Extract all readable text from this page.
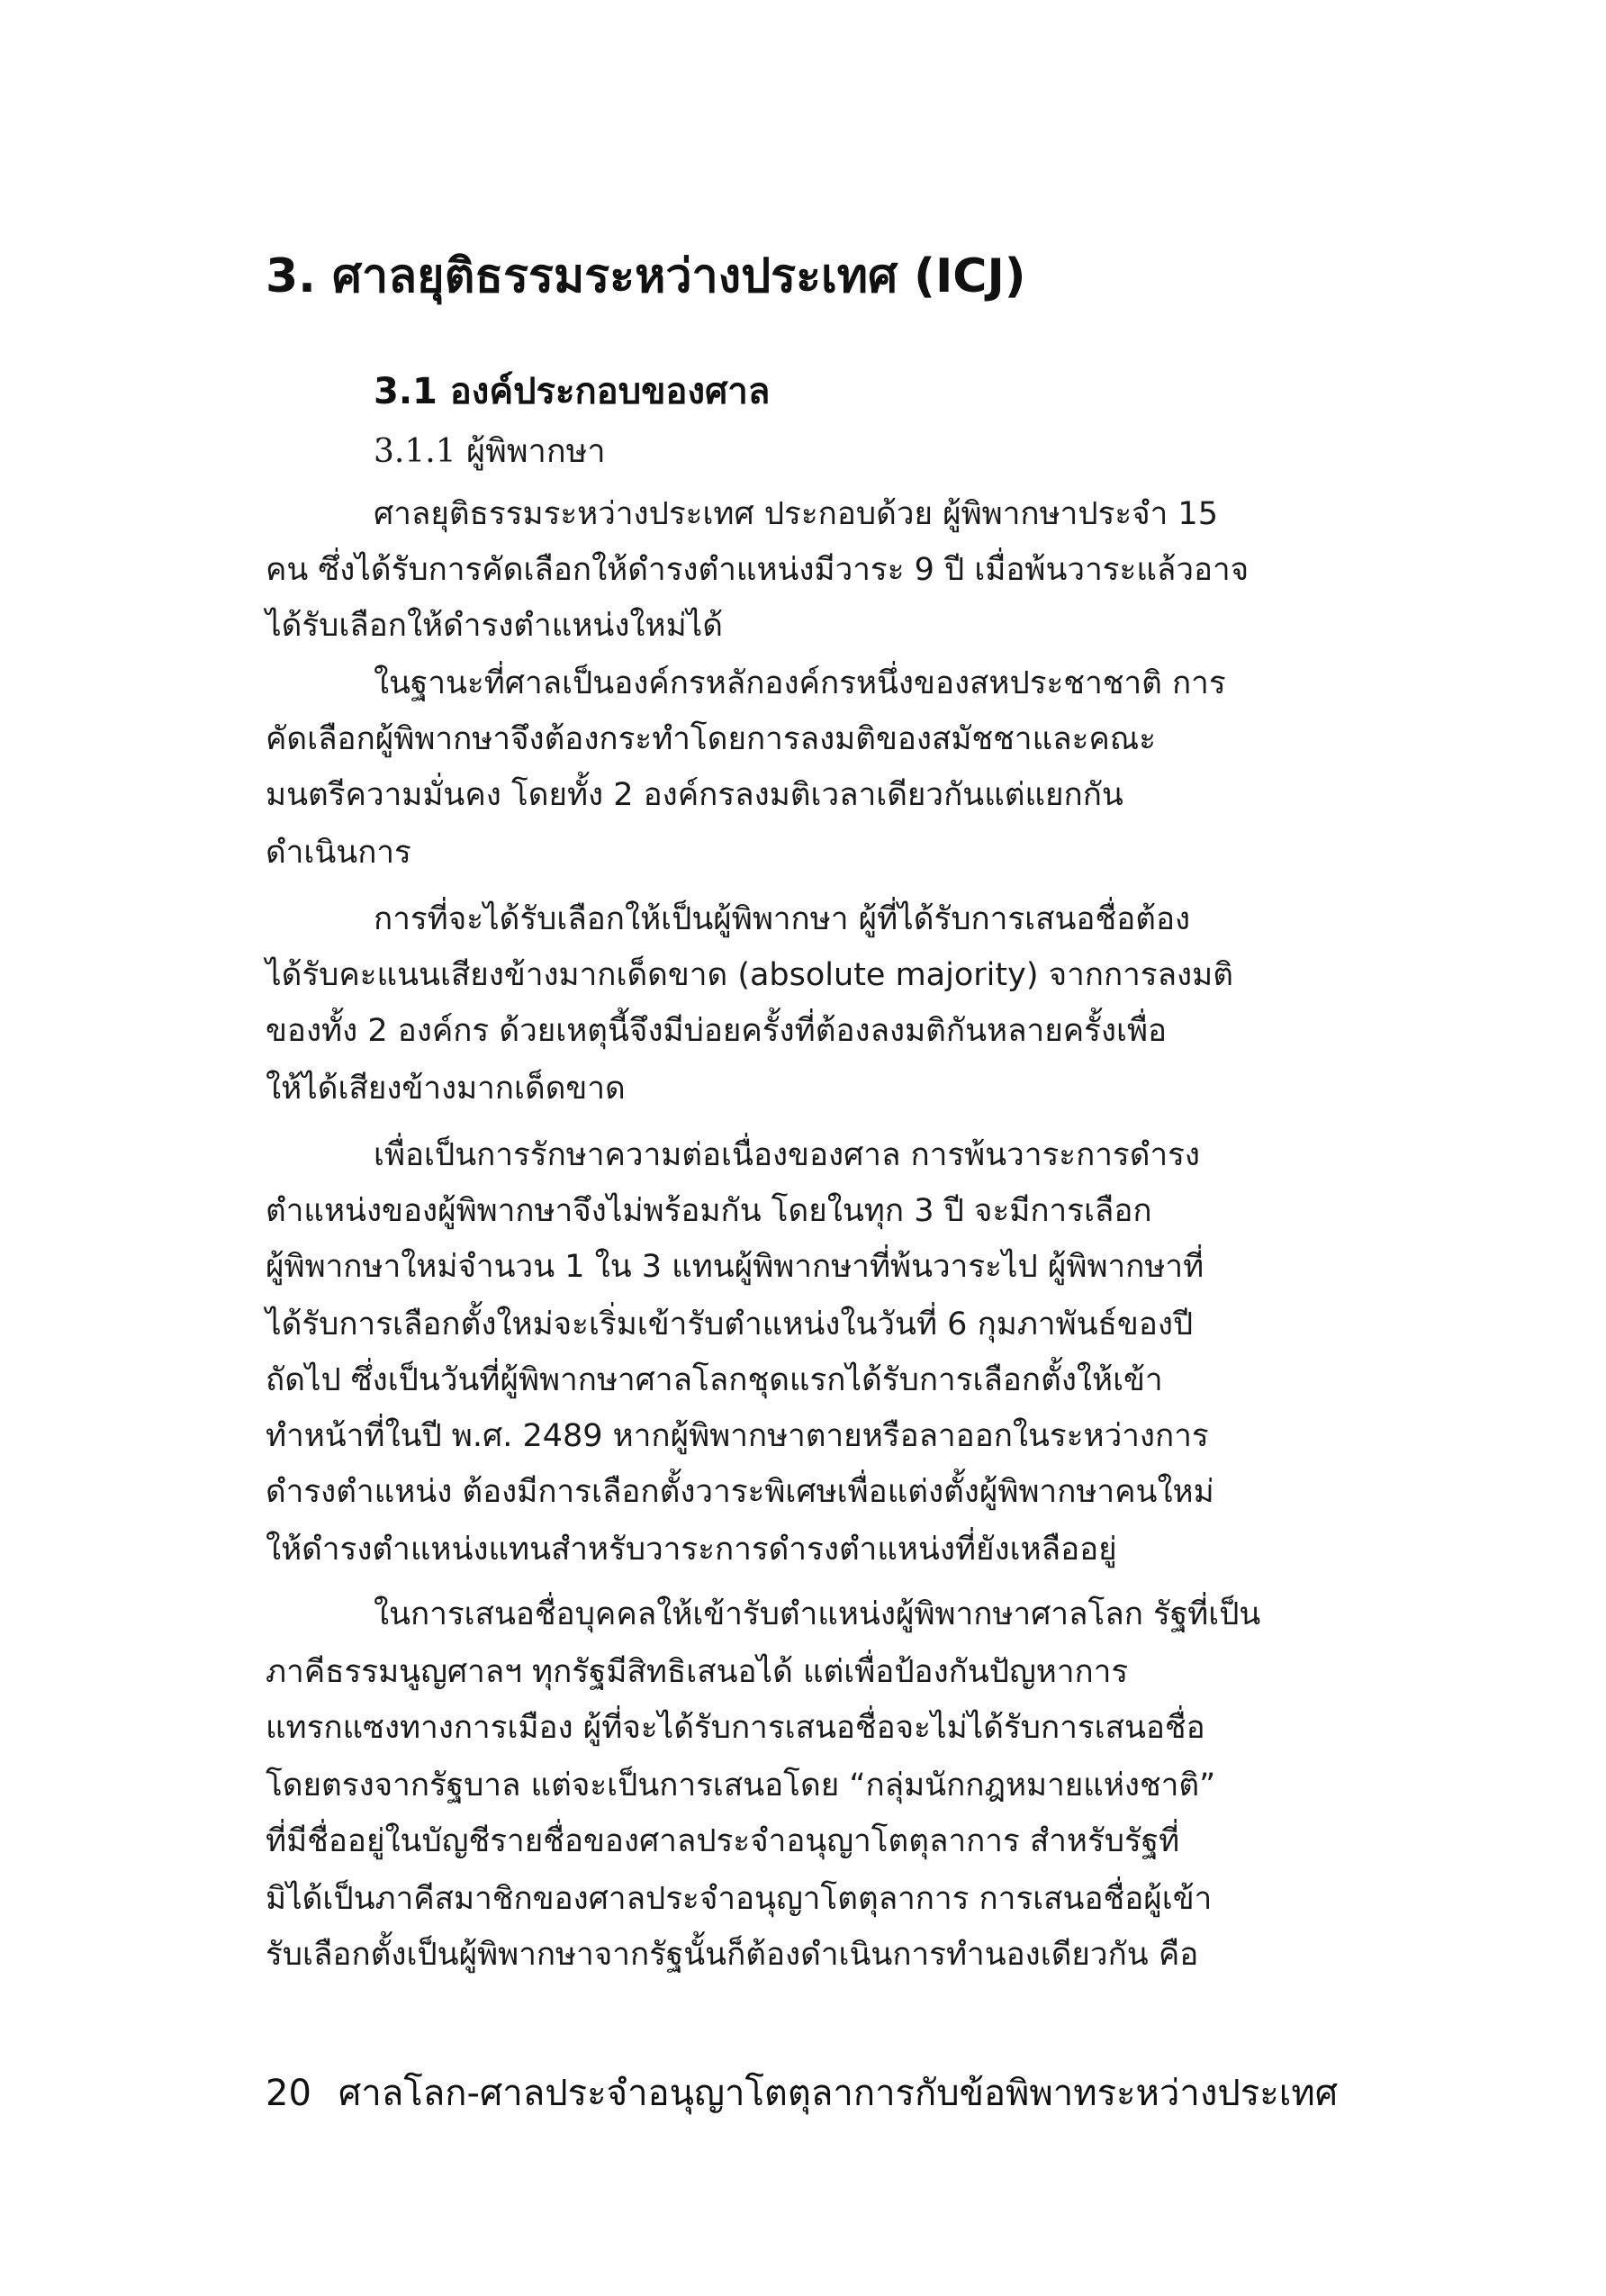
3. ศาลยุติธรรมระหว่างประเทศ (ICJ)
3.1 องค์ประกอบของศาล
3.1.1 ผู้พิพากษา
ศาลยุติธรรมระหว่างประเทศ ประกอบด้วย ผู้พิพากษาประจำ 15
คน ซึ่งได้รับการคัดเลือกให้ดำรงตำแหน่งมีวาระ 9 ปี เมื่อพ้นวาระแล้วอาจ
ได้รับเลือกให้ดำรงตำแหน่งใหม่ได้
ในฐานะที่ศาลเป็นองค์กรหลักองค์กรหนึ่งของสหประชาชาติ การ
คัดเลือกผู้พิพากษาจึงต้องกระทำโดยการลงมติของสมัชชาและคณะ
มนตรีความมั่นคง โดยทั้ง 2 องค์กรลงมติเวลาเดียวกันแต่แยกกัน
ดำเนินการ
การที่จะได้รับเลือกให้เป็นผู้พิพากษา ผู้ที่ได้รับการเสนอชื่อต้อง
ได้รับคะแนนเสียงข้างมากเด็ดขาด (absolute majority) จากการลงมติ
ของทั้ง 2 องค์กร ด้วยเหตุนี้จึงมีบ่อยครั้งที่ต้องลงมติกันหลายครั้งเพื่อ
ให้ได้เสียงข้างมากเด็ดขาด
เพื่อเป็นการรักษาความต่อเนื่องของศาล การพ้นวาระการดำรง
ตำแหน่งของผู้พิพากษาจึงไม่พร้อมกัน โดยในทุก 3 ปี จะมีการเลือก
ผู้พิพากษาใหม่จำนวน 1 ใน 3 แทนผู้พิพากษาที่พ้นวาระไป ผู้พิพากษาที่
ได้รับการเลือกตั้งใหม่จะเริ่มเข้ารับตำแหน่งในวันที่ 6 กุมภาพันธ์ของปี
ถัดไป ซึ่งเป็นวันที่ผู้พิพากษาศาลโลกชุดแรกได้รับการเลือกตั้งให้เข้า
ทำหน้าที่ในปี พ.ศ. 2489 หากผู้พิพากษาตายหรือลาออกในระหว่างการ
ดำรงตำแหน่ง ต้องมีการเลือกตั้งวาระพิเศษเพื่อแต่งตั้งผู้พิพากษาคนใหม่
ให้ดำรงตำแหน่งแทนสำหรับวาระการดำรงตำแหน่งที่ยังเหลืออยู่
ในการเสนอชื่อบุคคลให้เข้ารับตำแหน่งผู้พิพากษาศาลโลก รัฐที่เป็น
ภาคีธรรมนูญศาลฯ ทุกรัฐมีสิทธิเสนอได้ แต่เพื่อป้องกันปัญหาการ
แทรกแซงทางการเมือง ผู้ที่จะได้รับการเสนอชื่อจะไม่ได้รับการเสนอชื่อ
โดยตรงจากรัฐบาล แต่จะเป็นการเสนอโดย “กลุ่มนักกฎหมายแห่งชาติ”
ที่มีชื่ออยู่ในบัญชีรายชื่อของศาลประจำอนุญาโตตุลาการ สำหรับรัฐที่
มิได้เป็นภาคีสมาชิกของศาลประจำอนุญาโตตุลาการ การเสนอชื่อผู้เข้า
รับเลือกตั้งเป็นผู้พิพากษาจากรัฐนั้นก็ต้องดำเนินการทำนองเดียวกัน คือ
20 ศาลโลก-ศาลประจำอนุญาโตตุลาการกับข้อพิพาทระหว่างประเทศ
